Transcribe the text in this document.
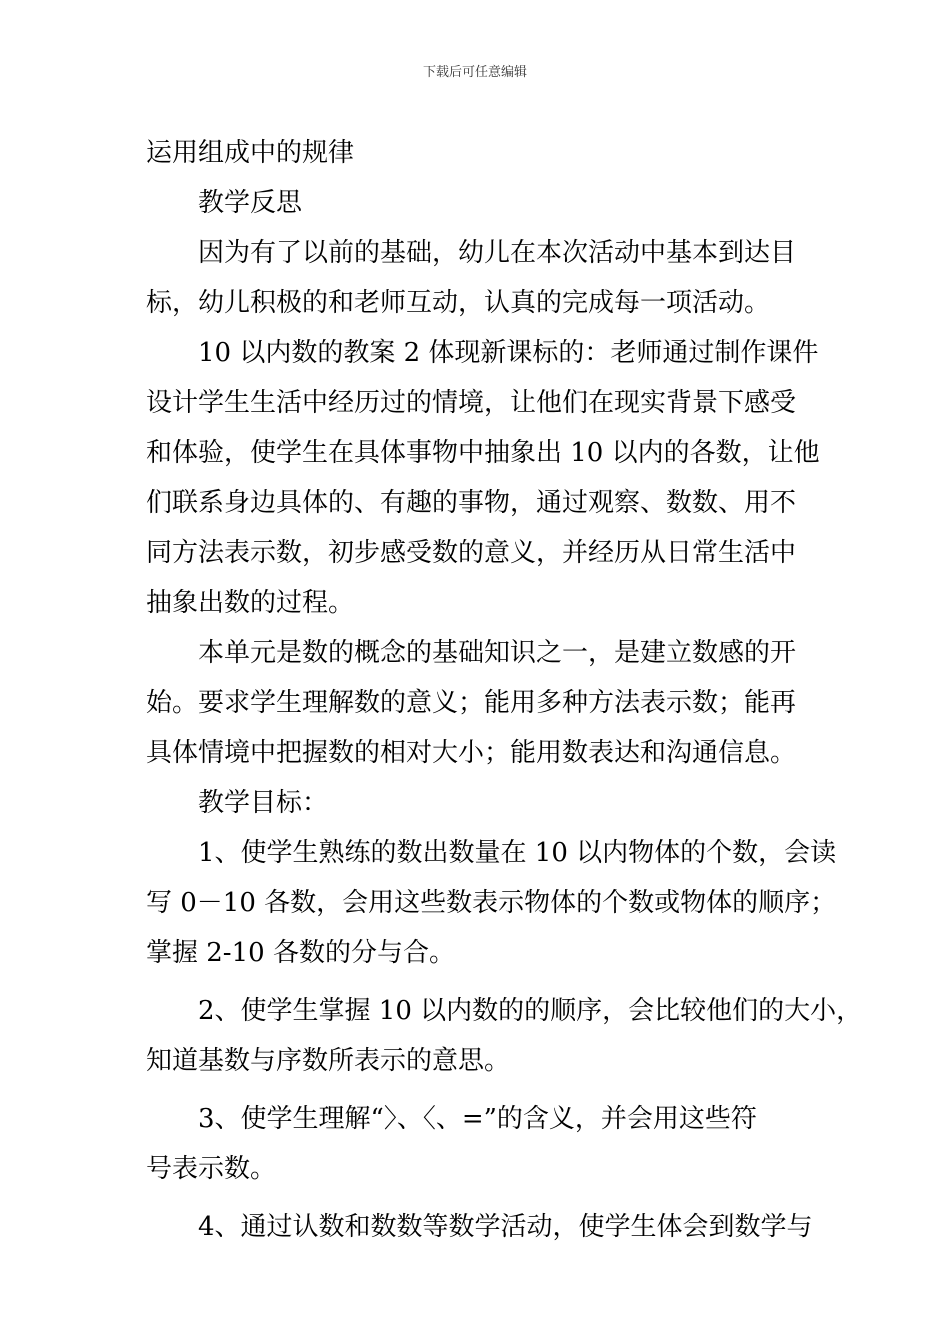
下载后可任意编辑
运用组成中的规律
教学反思
因为有了以前的基础，幼儿在本次活动中基本到达目
标，幼儿积极的和老师互动，认真的完成每一项活动。
10 以内数的教案 2 体现新课标的：老师通过制作课件
设计学生生活中经历过的情境，让他们在现实背景下感受
和体验，使学生在具体事物中抽象出 10 以内的各数，让他
们联系身边具体的、有趣的事物，通过观察、数数、用不
同方法表示数，初步感受数的意义，并经历从日常生活中
抽象出数的过程。
本单元是数的概念的基础知识之一，是建立数感的开
始。要求学生理解数的意义；能用多种方法表示数；能再
具体情境中把握数的相对大小；能用数表达和沟通信息。
教学目标：
1、使学生熟练的数出数量在 10 以内物体的个数，会读
写 0－10 各数，会用这些数表示物体的个数或物体的顺序；
掌握 2-10 各数的分与合。
2、使学生掌握 10 以内数的的顺序，会比较他们的大小，
知道基数与序数所表示的意思。
3、使学生理解“〉、〈、=”的含义，并会用这些符
号表示数。
4、通过认数和数数等数学活动，使学生体会到数学与
